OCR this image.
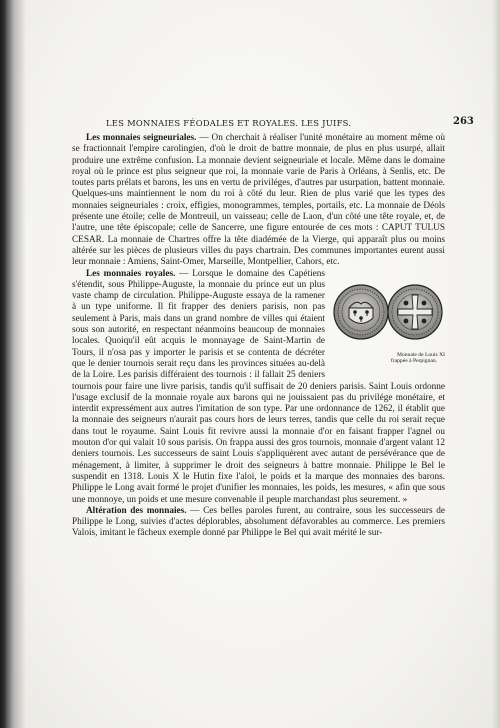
LES MONNAIES FÉODALES ET ROYALES. LES JUIFS.	263

Les monnaies seigneuriales. — On cherchait à réaliser l'unité monétaire au moment même où se fractionnait l'empire carolingien, d'où le droit de battre monnaie, de plus en plus usurpé, allait produire une extrême confusion. La monnaie devient seigneuriale et locale. Même dans le domaine royal où le prince est plus seigneur que roi, la monnaie varie de Paris à Orléans, à Senlis, etc. De toutes parts prélats et barons, les uns en vertu de priviléges, d'autres par usurpation, battent monnaie. Quelques-uns maintiennent le nom du roi à côté du leur. Rien de plus varié que les types des monnaies seigneuriales : croix, effigies, monogrammes, temples, portails, etc. La monnaie de Déols présente une étoile; celle de Montreuil, un vaisseau; celle de Laon, d'un côté une tête royale, et, de l'autre, une tête épiscopale; celle de Sancerre, une figure entourée de ces mots : CAPUT TULUS CESAR. La monnaie de Chartres offre la tête diadémée de la Vierge, qui apparaît plus ou moins altérée sur les pièces de plusieurs villes du pays chartrain. Des communes importantes eurent aussi leur monnaie : Amiens, Saint-Omer, Marseille, Montpellier, Cahors, etc.

Monnaie de Louis XI frappée à Perpignan.
Les monnaies royales. — Lorsque le domaine des Capétiens s'étendit, sous Philippe-Auguste, la monnaie du prince eut un plus vaste champ de circulation. Philippe-Auguste essaya de la ramener à un type uniforme. Il fit frapper des deniers parisis, non pas seulement à Paris, mais dans un grand nombre de villes qui étaient sous son autorité, en respectant néanmoins beaucoup de monnaies locales. Quoiqu'il eût acquis le monnayage de Saint-Martin de Tours, il n'osa pas y importer le parisis et se contenta de décréter que le denier tournois serait reçu dans les provinces situées au-delà de la Loire. Les parisis différaient des tournois : il fallait 25 deniers tournois pour faire une livre parisis, tandis qu'il suffisait de 20 deniers parisis. Saint Louis ordonne l'usage exclusif de la monnaie royale aux barons qui ne jouissaient pas du privilége monétaire, et interdit expressément aux autres l'imitation de son type. Par une ordonnance de 1262, il établit que la monnaie des seigneurs n'aurait pas cours hors de leurs terres, tandis que celle du roi serait reçue dans tout le royaume. Saint Louis fit revivre aussi la monnaie d'or en faisant frapper l'agnel ou mouton d'or qui valait 10 sous parisis. On frappa aussi des gros tournois, monnaie d'argent valant 12 deniers tournois. Les successeurs de saint Louis s'appliquèrent avec autant de persévérance que de ménagement, à limiter, à supprimer le droit des seigneurs à battre monnaie. Philippe le Bel le suspendit en 1318. Louis X le Hutin fixe l'aloi, le poids et la marque des monnaies des barons. Philippe le Long avait formé le projet d'unifier les monnaies, les poids, les mesures, « afin que sous une monnoye, un poids et une mesure convenable il peuple marchandast plus seurement. »

Altération des monnaies. — Ces belles paroles furent, au contraire, sous les successeurs de Philippe le Long, suivies d'actes déplorables, absolument défavorables au commerce. Les premiers Valois, imitant le fâcheux exemple donné par Philippe le Bel qui avait mérité le sur-
